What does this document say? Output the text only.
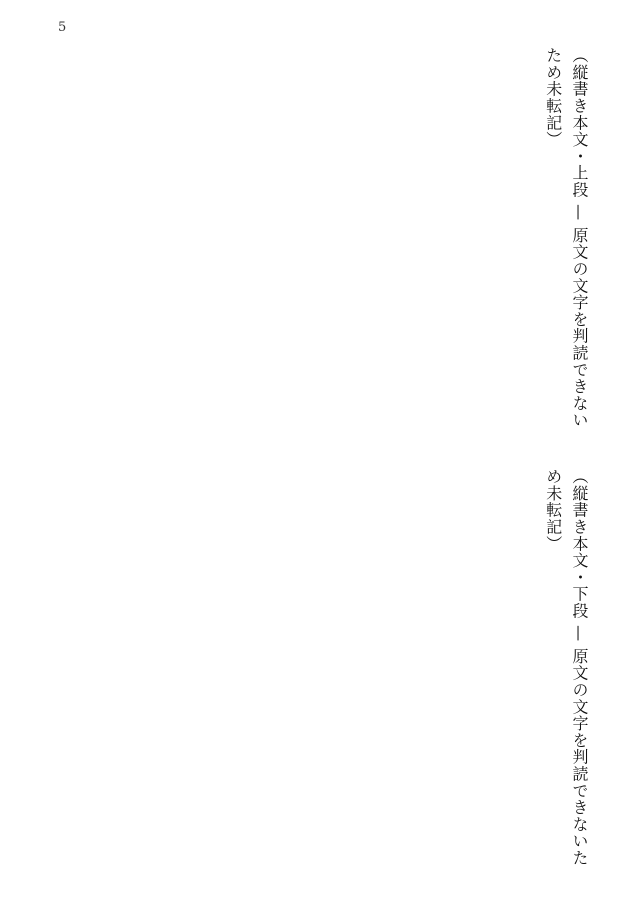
5

（縦書き本文・上段 — 原文の文字を判読できないため未転記）

（縦書き本文・下段 — 原文の文字を判読できないため未転記）
